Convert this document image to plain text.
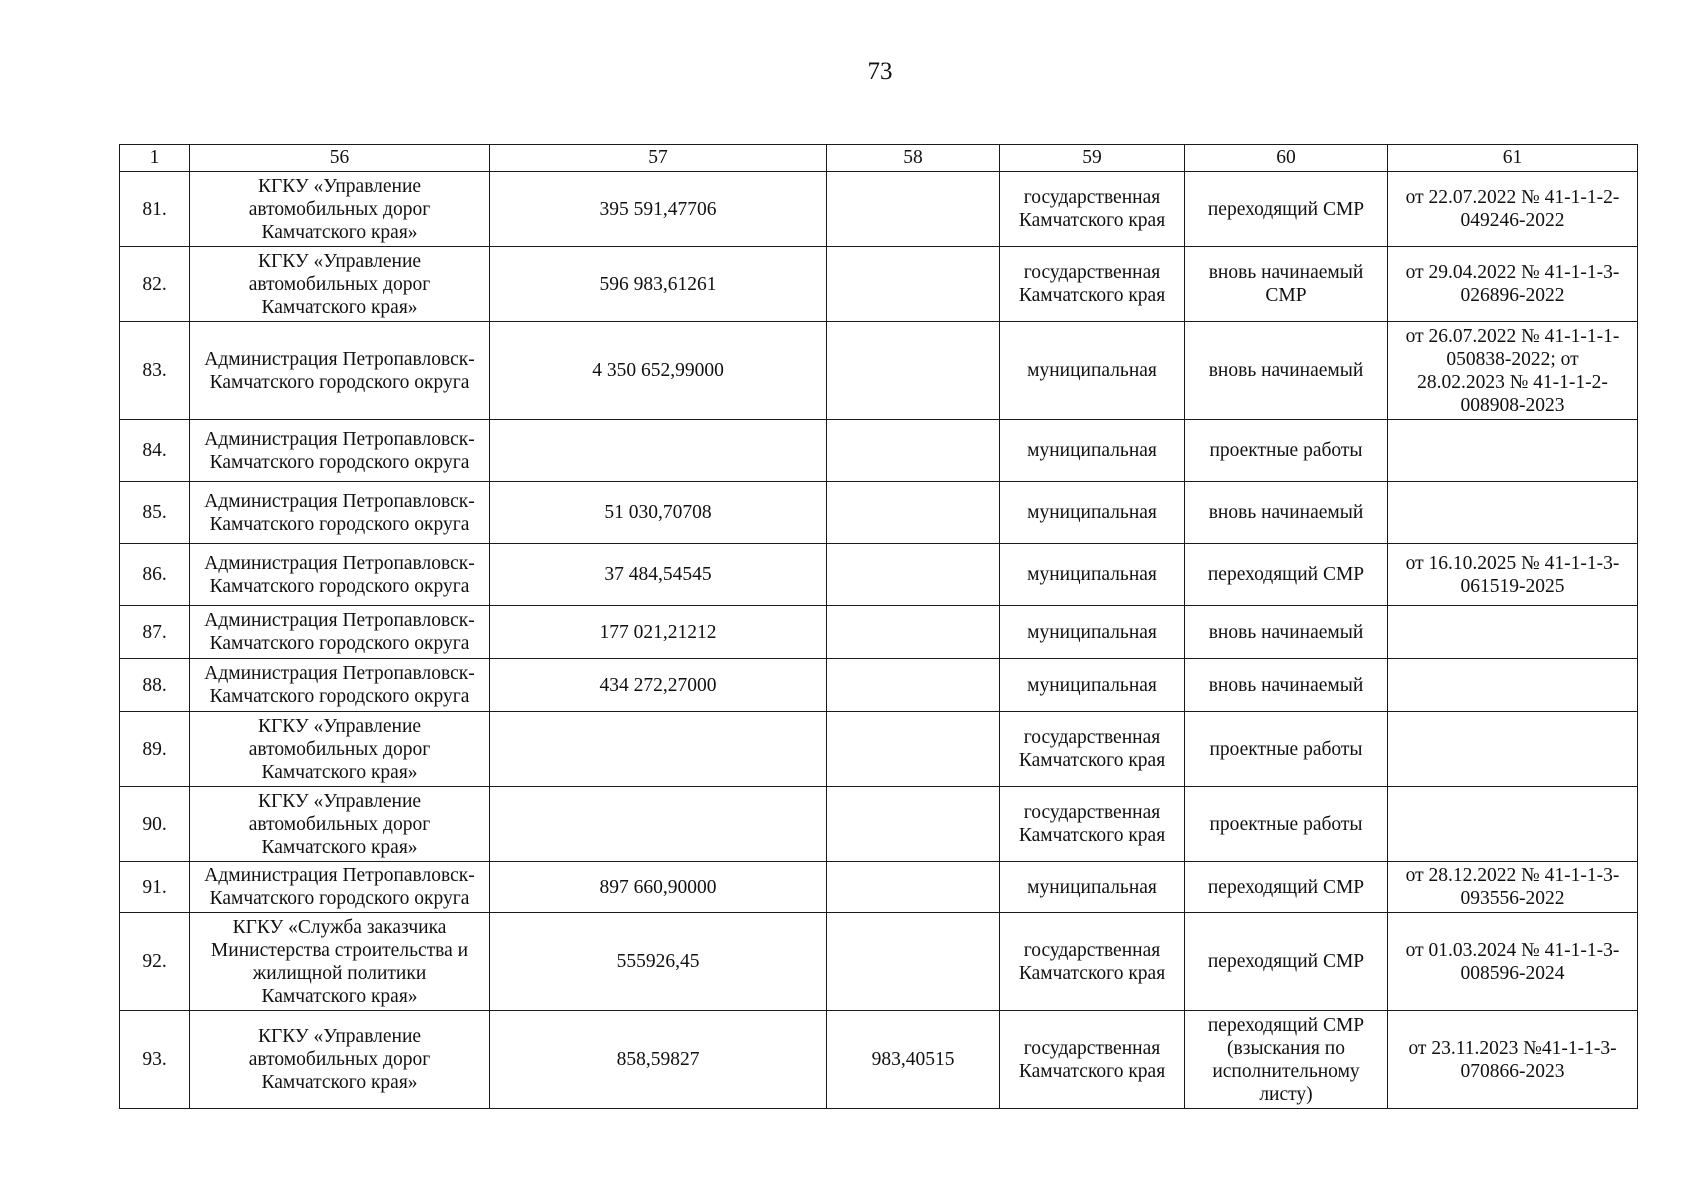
73
1	56	57	58	59	60	61
81.	КГКУ «Управление автомобильных дорог Камчатского края»	395 591,47706		государственная Камчатского края	переходящий СМР	от 22.07.2022 № 41-1-1-2-049246-2022
82.	КГКУ «Управление автомобильных дорог Камчатского края»	596 983,61261		государственная Камчатского края	вновь начинаемый СМР	от 29.04.2022 № 41-1-1-3-026896-2022
83.	Администрация Петропавловск-Камчатского городского округа	4 350 652,99000		муниципальная	вновь начинаемый	от 26.07.2022 № 41-1-1-1-050838-2022; от 28.02.2023 № 41-1-1-2-008908-2023
84.	Администрация Петропавловск-Камчатского городского округа			муниципальная	проектные работы	
85.	Администрация Петропавловск-Камчатского городского округа	51 030,70708		муниципальная	вновь начинаемый	
86.	Администрация Петропавловск-Камчатского городского округа	37 484,54545		муниципальная	переходящий СМР	от 16.10.2025 № 41-1-1-3-061519-2025
87.	Администрация Петропавловск-Камчатского городского округа	177 021,21212		муниципальная	вновь начинаемый	
88.	Администрация Петропавловск-Камчатского городского округа	434 272,27000		муниципальная	вновь начинаемый	
89.	КГКУ «Управление автомобильных дорог Камчатского края»			государственная Камчатского края	проектные работы	
90.	КГКУ «Управление автомобильных дорог Камчатского края»			государственная Камчатского края	проектные работы	
91.	Администрация Петропавловск-Камчатского городского округа	897 660,90000		муниципальная	переходящий СМР	от 28.12.2022 № 41-1-1-3-093556-2022
92.	КГКУ «Служба заказчика Министерства строительства и жилищной политики Камчатского края»	555926,45		государственная Камчатского края	переходящий СМР	от 01.03.2024 № 41-1-1-3-008596-2024
93.	КГКУ «Управление автомобильных дорог Камчатского края»	858,59827	983,40515	государственная Камчатского края	переходящий СМР (взыскания по исполнительному листу)	от 23.11.2023 №41-1-1-3-070866-2023
